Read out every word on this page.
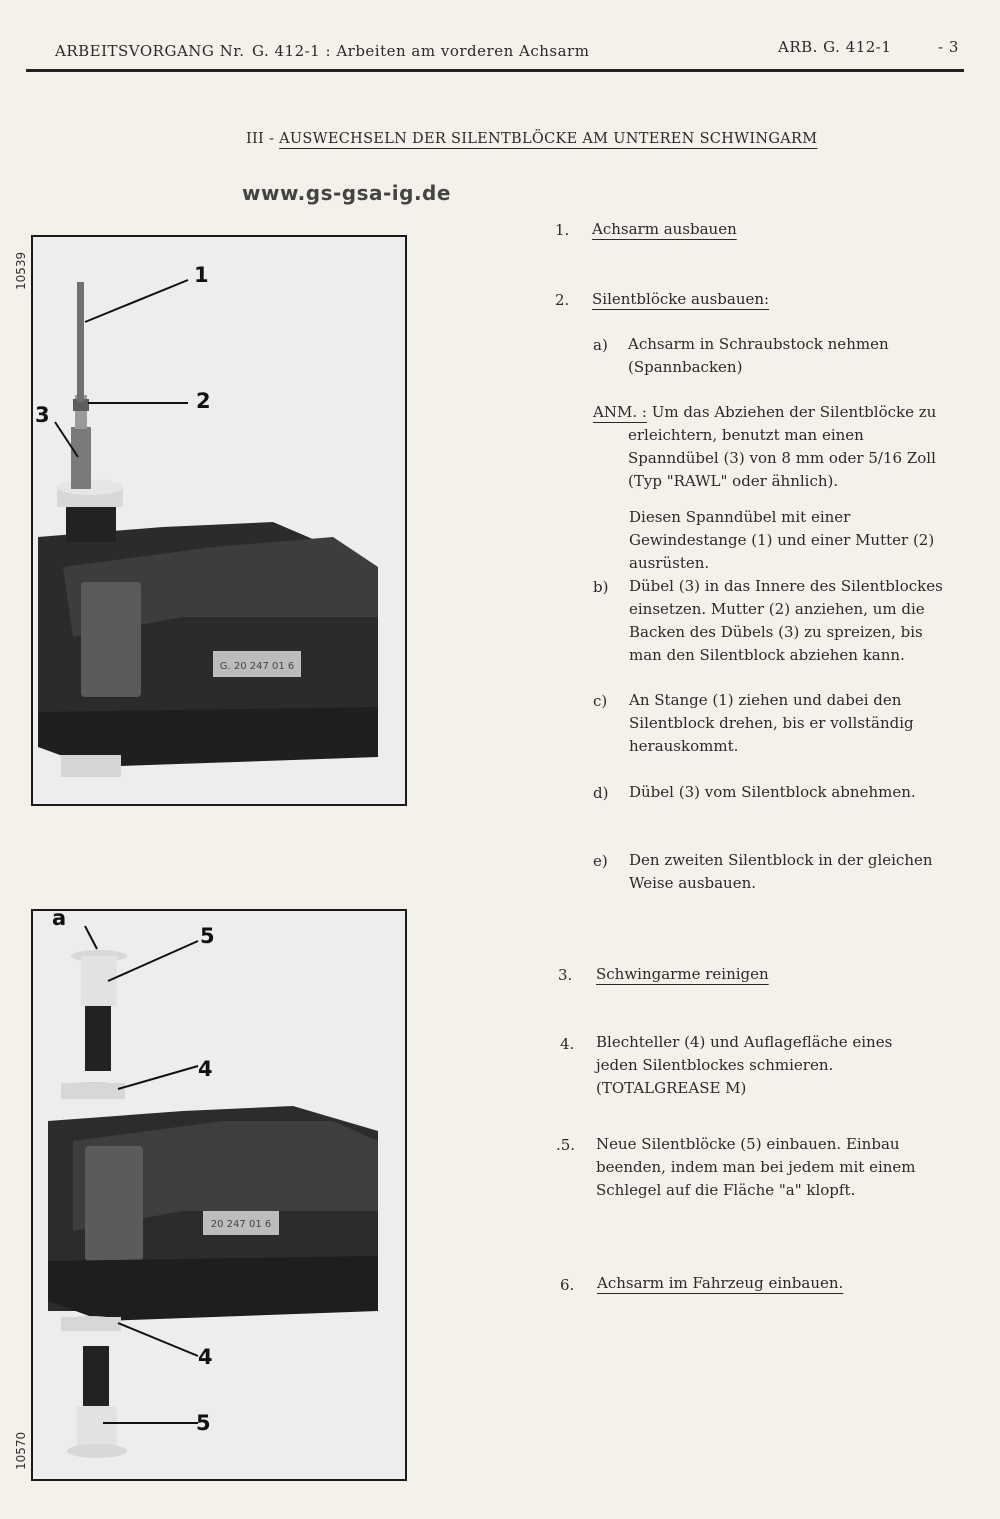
ARBEITSVORGANG Nr. G. 412-1 : Arbeiten am vorderen Achsarm	ARB. G. 412-1	- 3
III - AUSWECHSELN DER SILENTBLÖCKE AM UNTEREN SCHWINGARM
www.gs-gsa-ig.de
10539
G. 20 247 01 6
1
2
3
10570
20 247 01 6
a
5
4
4
5
1. Achsarm ausbauen
2. Silentblöcke ausbauen:
a) Achsarm in Schraubstock nehmen (Spannbacken)
ANM. : Um das Abziehen der Silentblöcke zu erleichtern, benutzt man einen Spanndübel (3) von 8 mm oder 5/16 Zoll (Typ "RAWL" oder ähnlich).
Diesen Spanndübel mit einer Gewindestange (1) und einer Mutter (2) ausrüsten.
b) Dübel (3) in das Innere des Silentblockes einsetzen. Mutter (2) anziehen, um die Backen des Dübels (3) zu spreizen, bis man den Silentblock abziehen kann.
c) An Stange (1) ziehen und dabei den Silentblock drehen, bis er vollständig herauskommt.
d) Dübel (3) vom Silentblock abnehmen.
e) Den zweiten Silentblock in der gleichen Weise ausbauen.
3. Schwingarme reinigen
4. Blechteller (4) und Auflagefläche eines jeden Silentblockes schmieren. (TOTALGREASE M)
.5. Neue Silentblöcke (5) einbauen. Einbau beenden, indem man bei jedem mit einem Schlegel auf die Fläche "a" klopft.
6. Achsarm im Fahrzeug einbauen.
